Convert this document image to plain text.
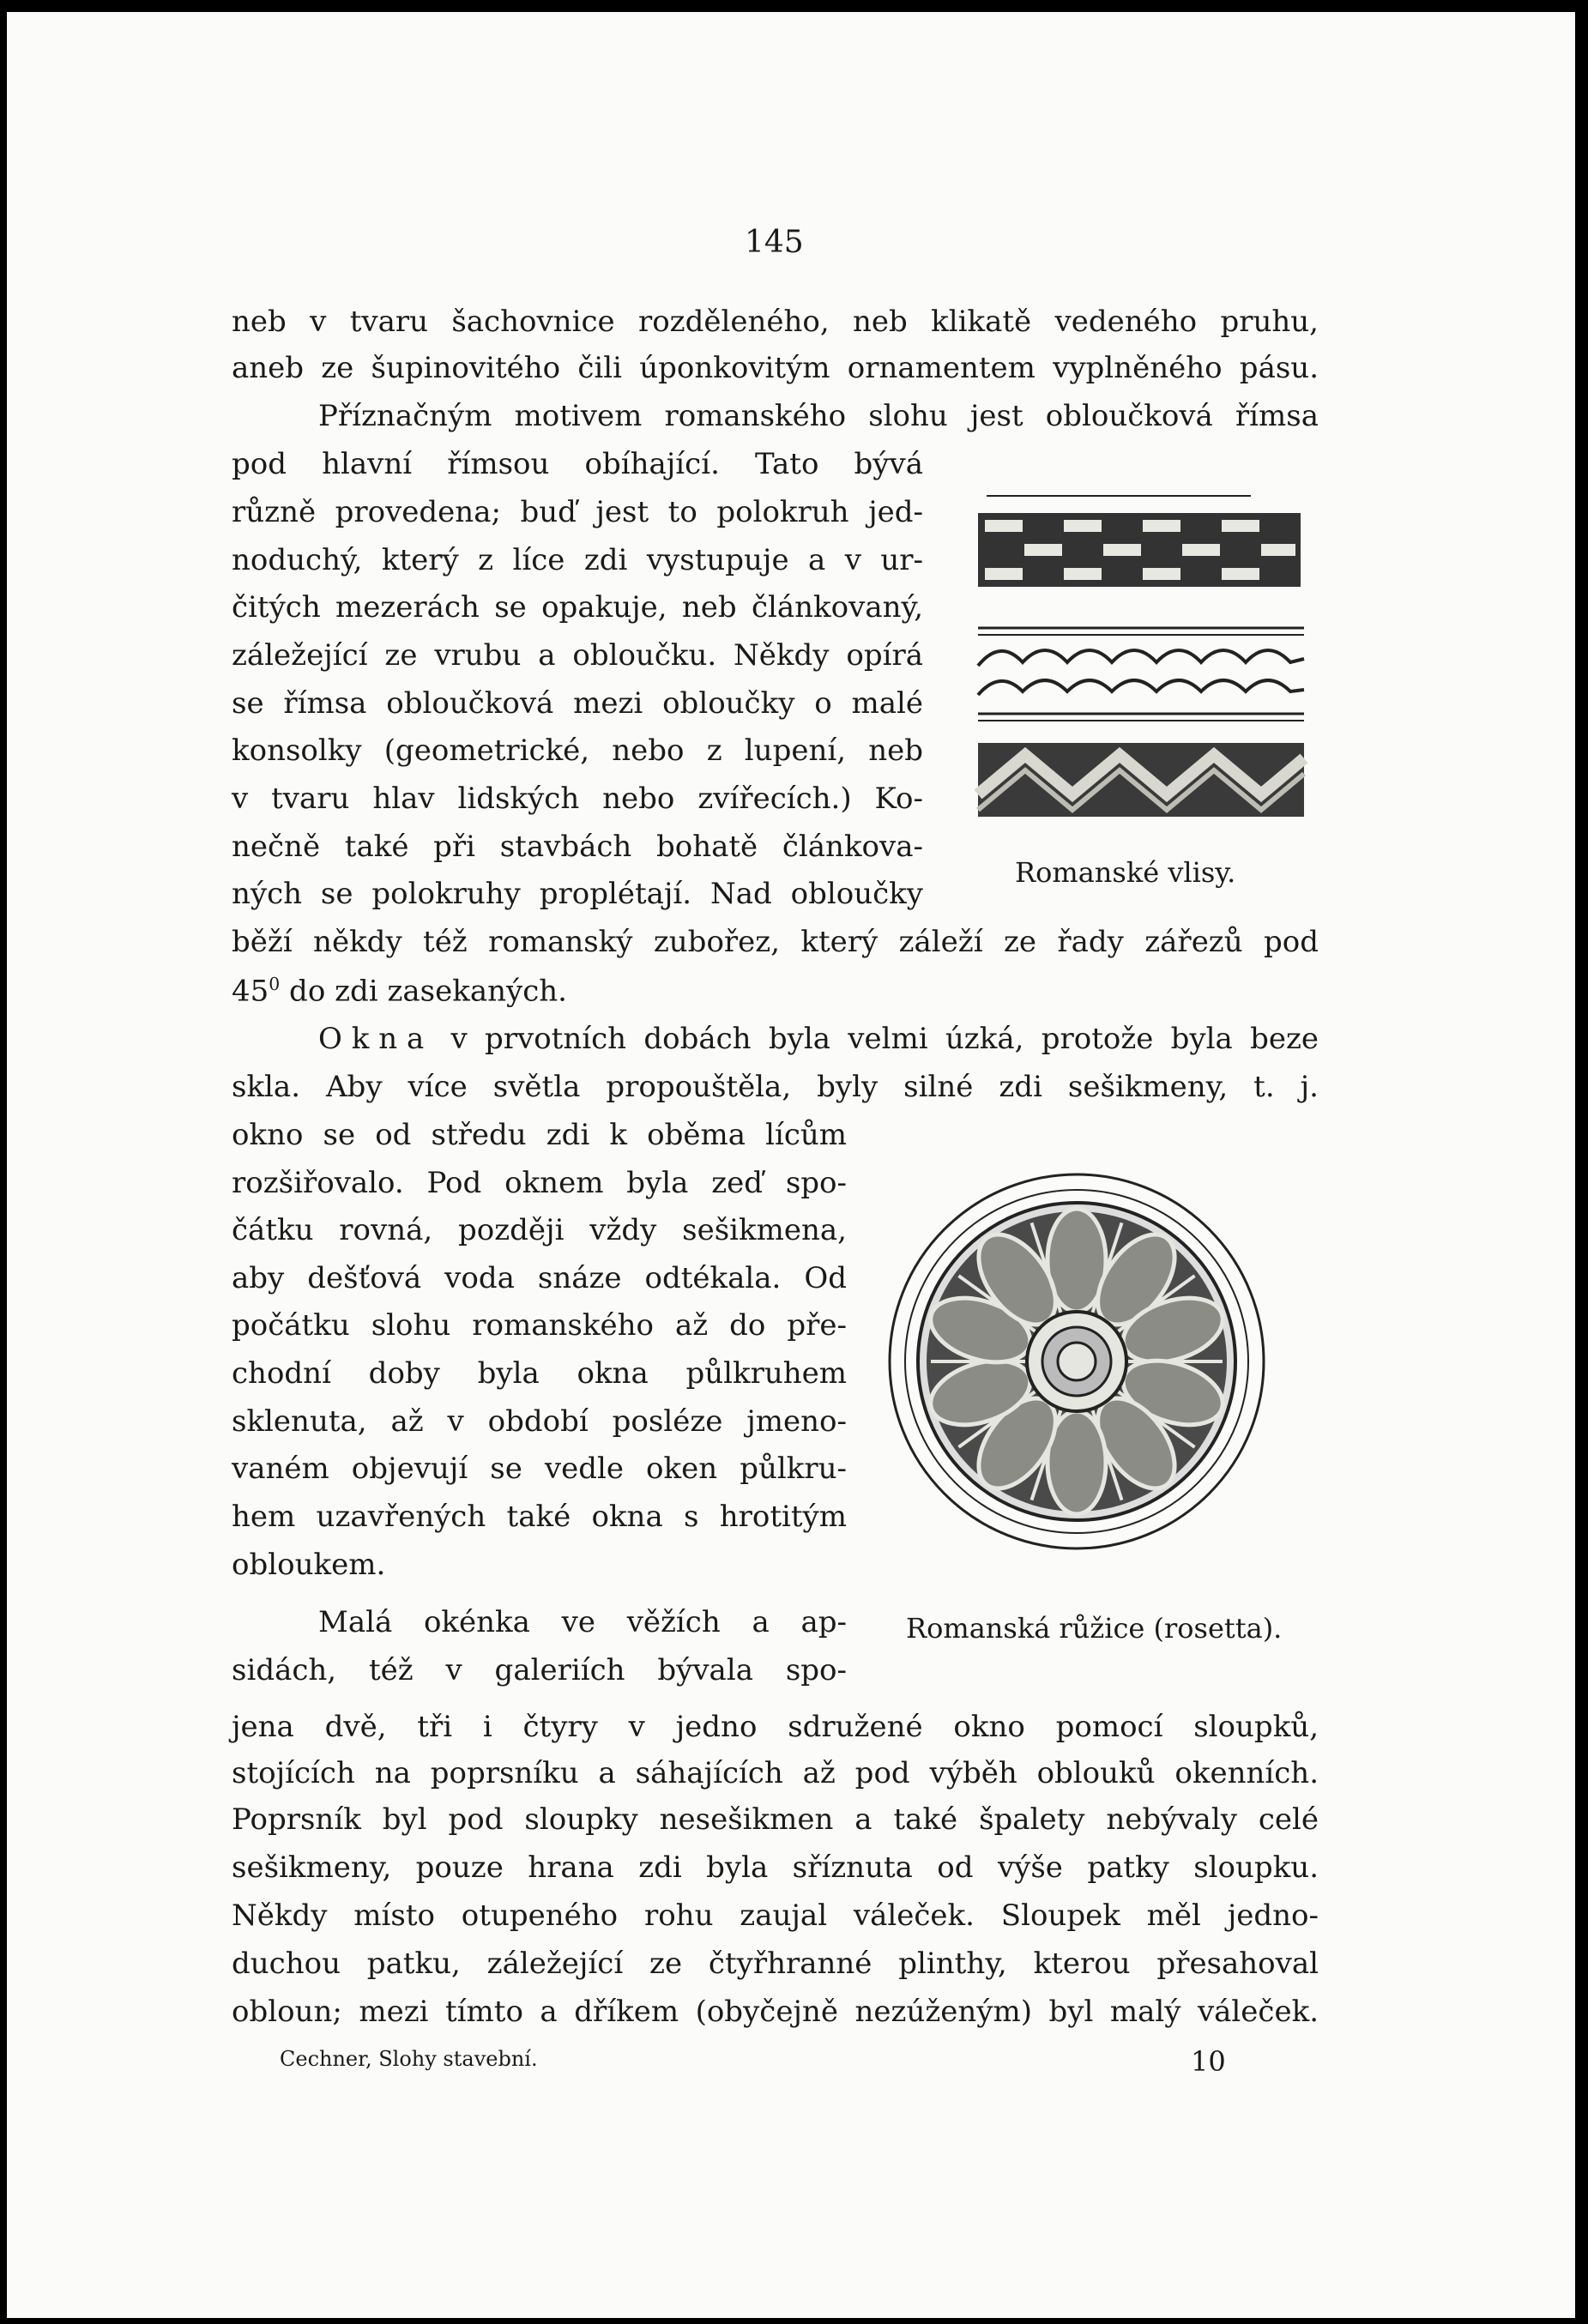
145
neb v tvaru šachovnice rozděleného, neb klikatě vedeného pruhu,
aneb ze šupinovitého čili úponkovitým ornamentem vyplněného pásu.
Příznačným motivem romanského slohu jest obloučková římsa
pod hlavní římsou obíhající. Tato bývá
různě provedena; buď jest to polokruh jed-
noduchý, který z líce zdi vystupuje a v ur-
čitých mezerách se opakuje, neb článkovaný,
záležející ze vrubu a obloučku. Někdy opírá
se římsa obloučková mezi obloučky o malé
konsolky (geometrické, nebo z lupení, neb
v tvaru hlav lidských nebo zvířecích.) Ko-
nečně také při stavbách bohatě článkova-
ných se polokruhy proplétají. Nad obloučky
běží někdy též romanský zubořez, který záleží ze řady zářezů pod
$45^0$ do zdi zasekaných.
Okna v prvotních dobách byla velmi úzká, protože byla beze
skla. Aby více světla propouštěla, byly silné zdi sešikmeny, t. j.
okno se od středu zdi k oběma lícům
rozšiřovalo. Pod oknem byla zeď spo-
čátku rovná, později vždy sešikmena,
aby dešťová voda snáze odtékala. Od
počátku slohu romanského až do pře-
chodní doby byla okna půlkruhem
sklenuta, až v období posléze jmeno-
vaném objevují se vedle oken půlkru-
hem uzavřených také okna s hrotitým
obloukem.
Malá okénka ve věžích a ap-
sidách, též v galeriích bývala spo-
jena dvě, tři i čtyry v jedno sdružené okno pomocí sloupků,
stojících na poprsníku a sáhajících až pod výběh oblouků okenních.
Poprsník byl pod sloupky nesešikmen a také špalety nebývaly celé
sešikmeny, pouze hrana zdi byla sříznuta od výše patky sloupku.
Někdy místo otupeného rohu zaujal váleček. Sloupek měl jedno-
duchou patku, záležející ze čtyřhranné plinthy, kterou přesahoval
obloun; mezi tímto a dříkem (obyčejně nezúženým) byl malý váleček.
Romanské vlisy.
Romanská růžice (rosetta).
Cechner, Slohy stavební.	10
